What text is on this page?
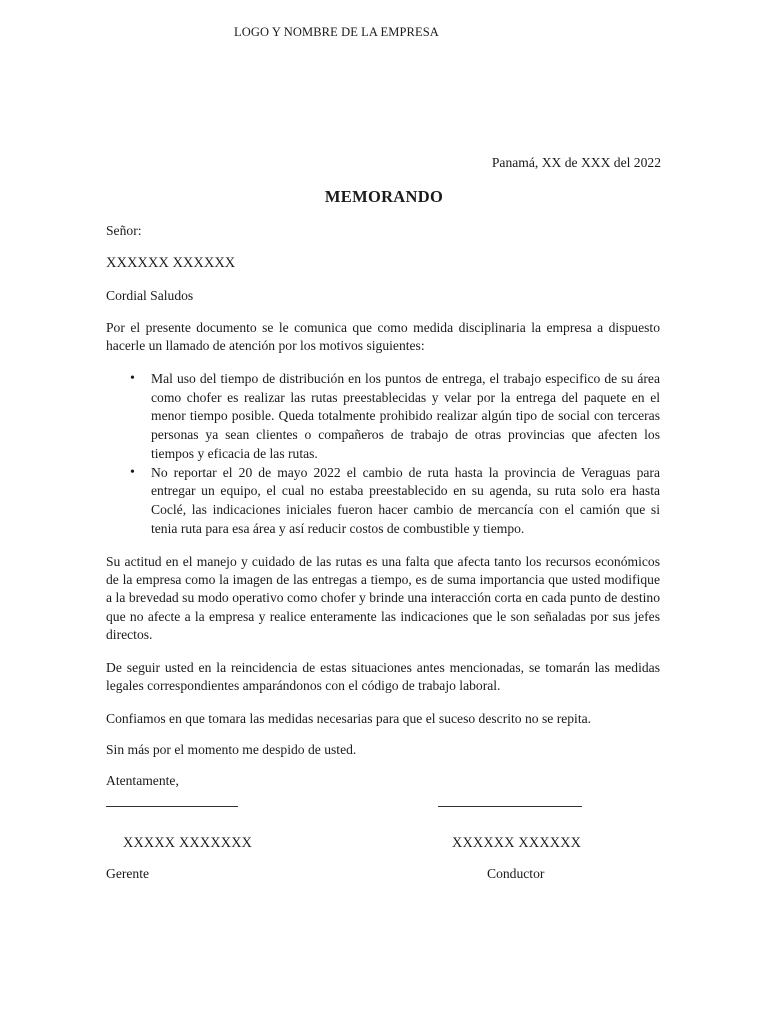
LOGO Y NOMBRE DE LA EMPRESA
Panamá, XX de XXX del 2022
MEMORANDO
Señor:
XXXXXX XXXXXX
Cordial Saludos

Por el presente documento se le comunica que como medida disciplinaria la empresa a dispuesto hacerle un llamado de atención por los motivos siguientes:

• Mal uso del tiempo de distribución en los puntos de entrega, el trabajo especifico de su área como chofer es realizar las rutas preestablecidas y velar por la entrega del paquete en el menor tiempo posible. Queda totalmente prohibido realizar algún tipo de social con terceras personas ya sean clientes o compañeros de trabajo de otras provincias que afecten los tiempos y eficacia de las rutas.
• No reportar el 20 de mayo 2022 el cambio de ruta hasta la provincia de Veraguas para entregar un equipo, el cual no estaba preestablecido en su agenda, su ruta solo era hasta Coclé, las indicaciones iniciales fueron hacer cambio de mercancía con el camión que si tenia ruta para esa área y así reducir costos de combustible y tiempo.

Su actitud en el manejo y cuidado de las rutas es una falta que afecta tanto los recursos económicos de la empresa como la imagen de las entregas a tiempo, es de suma importancia que usted modifique a la brevedad su modo operativo como chofer y brinde una interacción corta en cada punto de destino que no afecte a la empresa y realice enteramente las indicaciones que le son señaladas por sus jefes directos.

De seguir usted en la reincidencia de estas situaciones antes mencionadas, se tomarán las medidas legales correspondientes amparándonos con el código de trabajo laboral.

Confiamos en que tomara las medidas necesarias para que el suceso descrito no se repita.

Sin más por el momento me despido de usted.

Atentamente,

XXXXX XXXXXXX	XXXXXX XXXXXX
Gerente	Conductor
